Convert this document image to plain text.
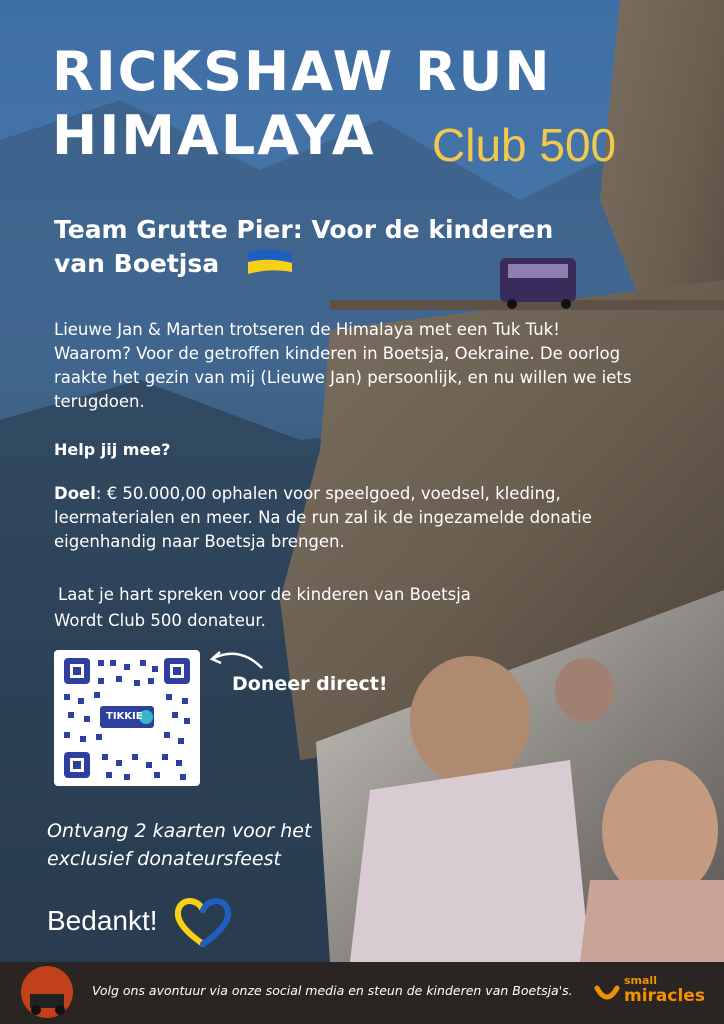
RICKSHAW RUN
HIMALAYA	Club 500
Team Grutte Pier: Voor de kinderen
van Boetjsa
Lieuwe Jan & Marten trotseren de Himalaya met een Tuk Tuk!
Waarom? Voor de getroffen kinderen in Boetsja, Oekraine. De oorlog
raakte het gezin van mij (Lieuwe Jan) persoonlijk, en nu willen we iets
terugdoen.
Help jij mee?
Doel: € 50.000,00 ophalen voor speelgoed, voedsel, kleding,
leermaterialen en meer. Na de run zal ik de ingezamelde donatie
eigenhandig naar Boetsja brengen.
Laat je hart spreken voor de kinderen van Boetsja
Wordt Club 500 donateur.
TIKKIE
Doneer direct!
Ontvang 2 kaarten voor het
exclusief donateursfeest
Bedankt!
Volg ons avontuur via onze social media en steun de kinderen van Boetsja's.
small
miracles
